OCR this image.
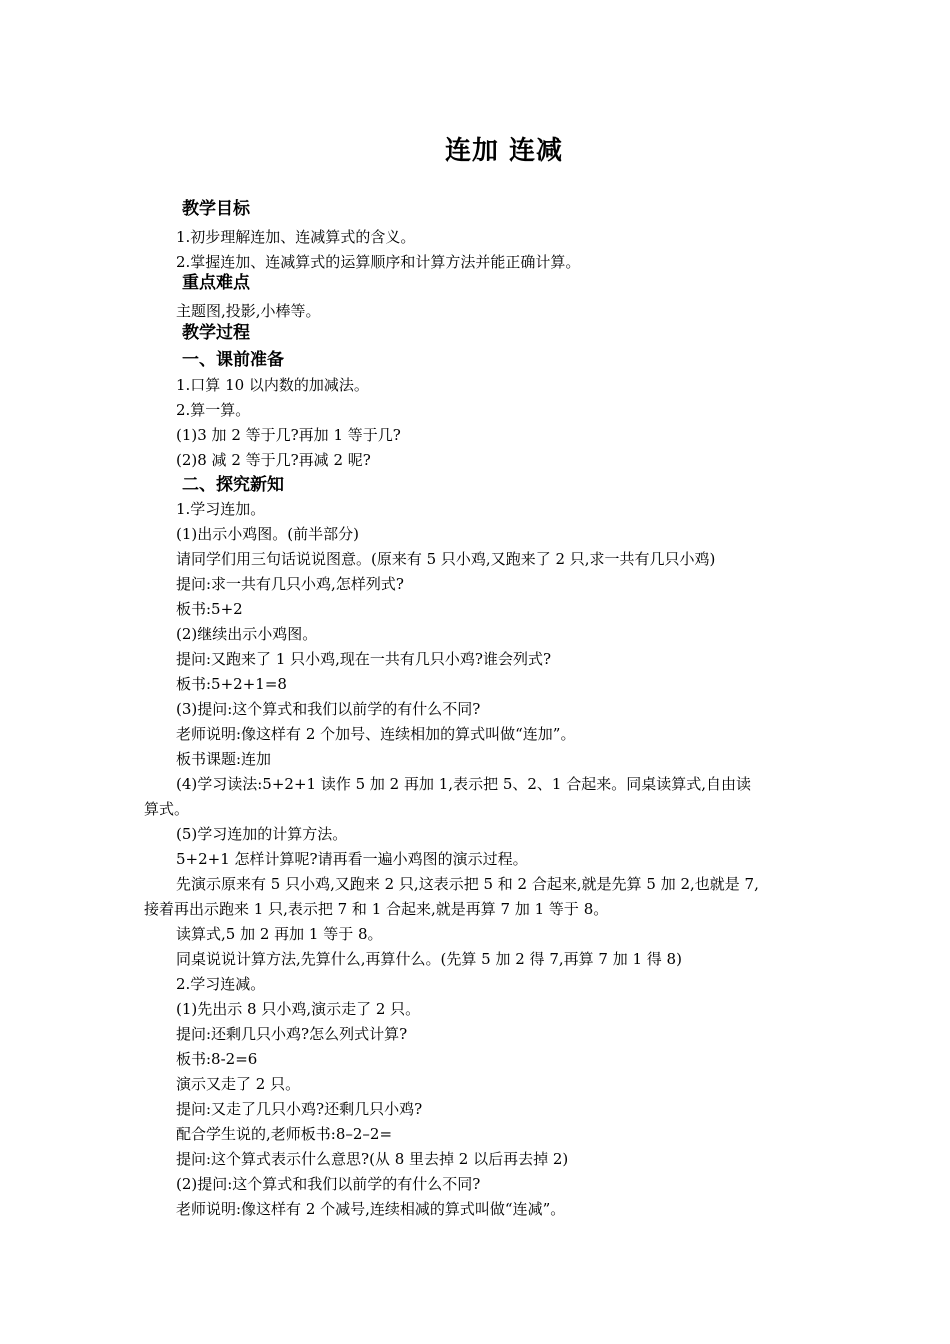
连加 连减
教学目标
1.初步理解连加、连减算式的含义。
2.掌握连加、连减算式的运算顺序和计算方法并能正确计算。
重点难点
主题图,投影,小棒等。
教学过程
一、课前准备
1.口算 10 以内数的加减法。
2.算一算。
(1)3 加 2 等于几?再加 1 等于几?
(2)8 减 2 等于几?再减 2 呢?
二、探究新知
1.学习连加。
(1)出示小鸡图。(前半部分)
请同学们用三句话说说图意。(原来有 5 只小鸡,又跑来了 2 只,求一共有几只小鸡)
提问:求一共有几只小鸡,怎样列式?
板书:5+2
(2)继续出示小鸡图。
提问:又跑来了 1 只小鸡,现在一共有几只小鸡?谁会列式?
板书:5+2+1=8
(3)提问:这个算式和我们以前学的有什么不同?
老师说明:像这样有 2 个加号、连续相加的算式叫做“连加”。
板书课题:连加
(4)学习读法:5+2+1 读作 5 加 2 再加 1,表示把 5、2、1 合起来。同桌读算式,自由读
算式。
(5)学习连加的计算方法。
5+2+1 怎样计算呢?请再看一遍小鸡图的演示过程。
先演示原来有 5 只小鸡,又跑来 2 只,这表示把 5 和 2 合起来,就是先算 5 加 2,也就是 7,
接着再出示跑来 1 只,表示把 7 和 1 合起来,就是再算 7 加 1 等于 8。
读算式,5 加 2 再加 1 等于 8。
同桌说说计算方法,先算什么,再算什么。(先算 5 加 2 得 7,再算 7 加 1 得 8)
2.学习连减。
(1)先出示 8 只小鸡,演示走了 2 只。
提问:还剩几只小鸡?怎么列式计算?
板书:8-2=6
演示又走了 2 只。
提问:又走了几只小鸡?还剩几只小鸡?
配合学生说的,老师板书:8–2–2=
提问:这个算式表示什么意思?(从 8 里去掉 2 以后再去掉 2)
(2)提问:这个算式和我们以前学的有什么不同?
老师说明:像这样有 2 个减号,连续相减的算式叫做“连减”。
